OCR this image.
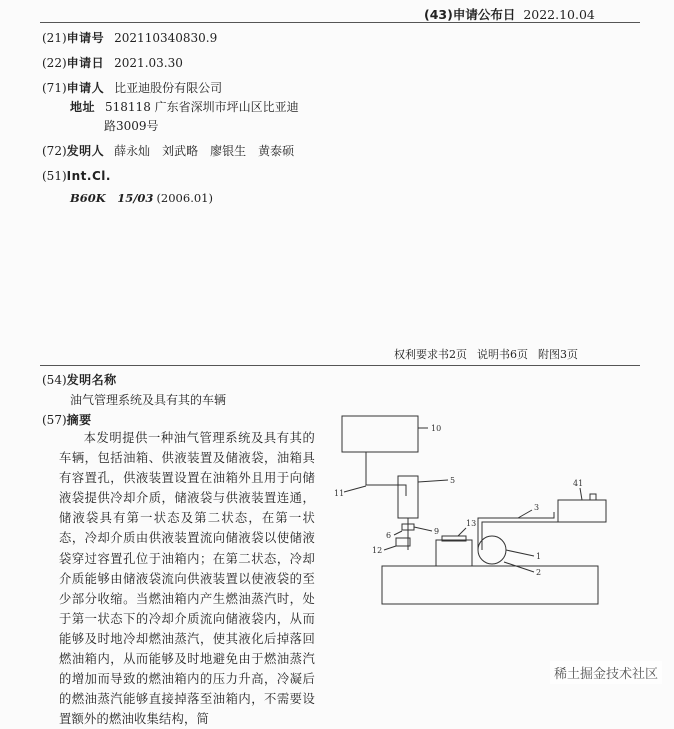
(43)申请公布日 2022.10.04
(21)申请号 202110340830.9
(22)申请日 2021.03.30
(71)申请人 比亚迪股份有限公司
地址 518118 广东省深圳市坪山区比亚迪
路3009号
(72)发明人 薛永灿　刘武略　廖银生　黄泰硕
(51)Int.Cl.
B60K　15/03 (2006.01)
权利要求书2页 说明书6页 附图3页
(54)发明名称
油气管理系统及具有其的车辆
(57)摘要
本发明提供一种油气管理系统及具有其的车辆，包括油箱、供液装置及储液袋，油箱具有容置孔，供液装置设置在油箱外且用于向储液袋提供冷却介质，储液袋与供液装置连通，储液袋具有第一状态及第二状态，在第一状态，冷却介质由供液装置流向储液袋以使储液袋穿过容置孔位于油箱内；在第二状态，冷却介质能够由储液袋流向供液装置以使液袋的至少部分收缩。当燃油箱内产生燃油蒸汽时，处于第一状态下的冷却介质流向储液袋内，从而能够及时地冷却燃油蒸汽，使其液化后掉落回燃油箱内，从而能够及时地避免由于燃油蒸汽的增加而导致的燃油箱内的压力升高，冷凝后的燃油蒸汽能够直接掉落至油箱内，不需要设置额外的燃油收集结构，简
10
5	41
3
11
6	9
13
12
1
2
稀土掘金技术社区
